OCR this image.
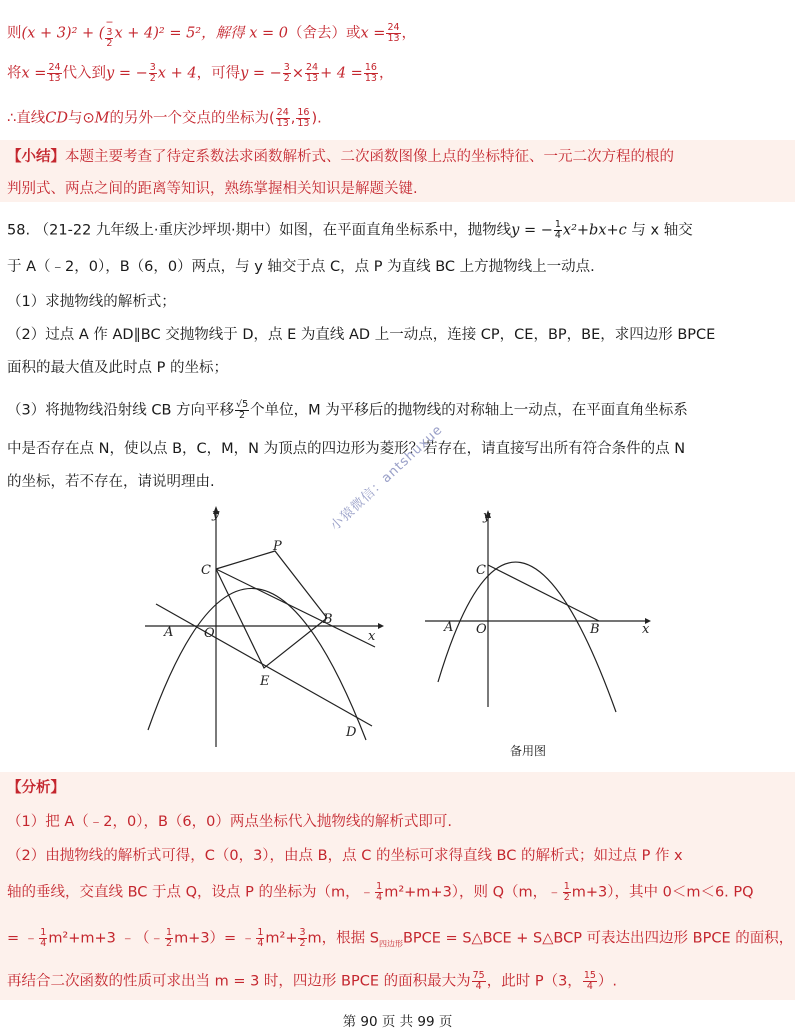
则(x + 3)² + (−
3
2
x + 4)² = 5²，解得 x = 0（舍去）或$x = \frac{24}{13}$ ，
将$x = \frac{24}{13}$ 代入到y = − $\frac{3}{2}$ x + 4，可得y = − $\frac{3}{2} \times \frac{24}{13} + 4 = \frac{16}{13}$ ，
∴直线CD与⊙M的另外一个交点的坐标为( $\frac{24}{13}$ , $\frac{16}{13}$ ).
【小结】本题主要考查了待定系数法求函数解析式、二次函数图像上点的坐标特征、一元二次方程的根的
判别式、两点之间的距离等知识，熟练掌握相关知识是解题关键.
58. （21-22 九年级上·重庆沙坪坝·期中）如图，在平面直角坐标系中，抛物线y = − $\frac{1}{4} x^2+bx+c$ 与 x 轴交
于 A（﹣2，0），B（6，0）两点，与 y 轴交于点 C，点 P 为直线 BC 上方抛物线上一动点.
（1）求抛物线的解析式；
（2）过点 A 作 AD∥BC 交抛物线于 D，点 E 为直线 AD 上一动点，连接 CP，CE，BP，BE，求四边形 BPCE
面积的最大值及此时点 P 的坐标；
（3）将抛物线沿射线 CB 方向平移 $\frac{√5}{2}$ 个单位，M 为平移后的抛物线的对称轴上一动点，在平面直角坐标系
中是否存在点 N，使以点 B，C，M，N 为顶点的四边形为菱形？若存在，请直接写出所有符合条件的点 N
的坐标，若不存在，请说明理由.
y
x
C
P
A O
B
E
D
y
x
C
A O	B
备用图
小猿微信：antshuxue
【分析】
（1）把 A（﹣2，0），B（6，0）两点坐标代入抛物线的解析式即可.
（2）由抛物线的解析式可得，C（0，3），由点 B，点 C 的坐标可求得直线 BC 的解析式；如过点 P 作 x
轴的垂线，交直线 BC 于点 Q，设点 P 的坐标为（m，﹣ $\frac{1}{4} m^2+m+3$），则 Q（m，﹣ $\frac{1}{2} m+3$），其中 0＜m＜6. PQ
= ﹣ $\frac{1}{4} m^2+m+3$ ﹣（﹣ $\frac{1}{2} m+3)=$ ﹣ $\frac{1}{4} m^2+ \frac{3}{2}$ m，根据 $S_{四边形}BPCE$ = S△BCE + S△BCP 可表达出四边形 BPCE 的面积，
再结合二次函数的性质可求出当 m = 3 时，四边形 BPCE 的面积最大为 $\frac{75}{4}$ ，此时 P（3， $\frac{15}{4}$ ）.
第 90 页 共 99 页
